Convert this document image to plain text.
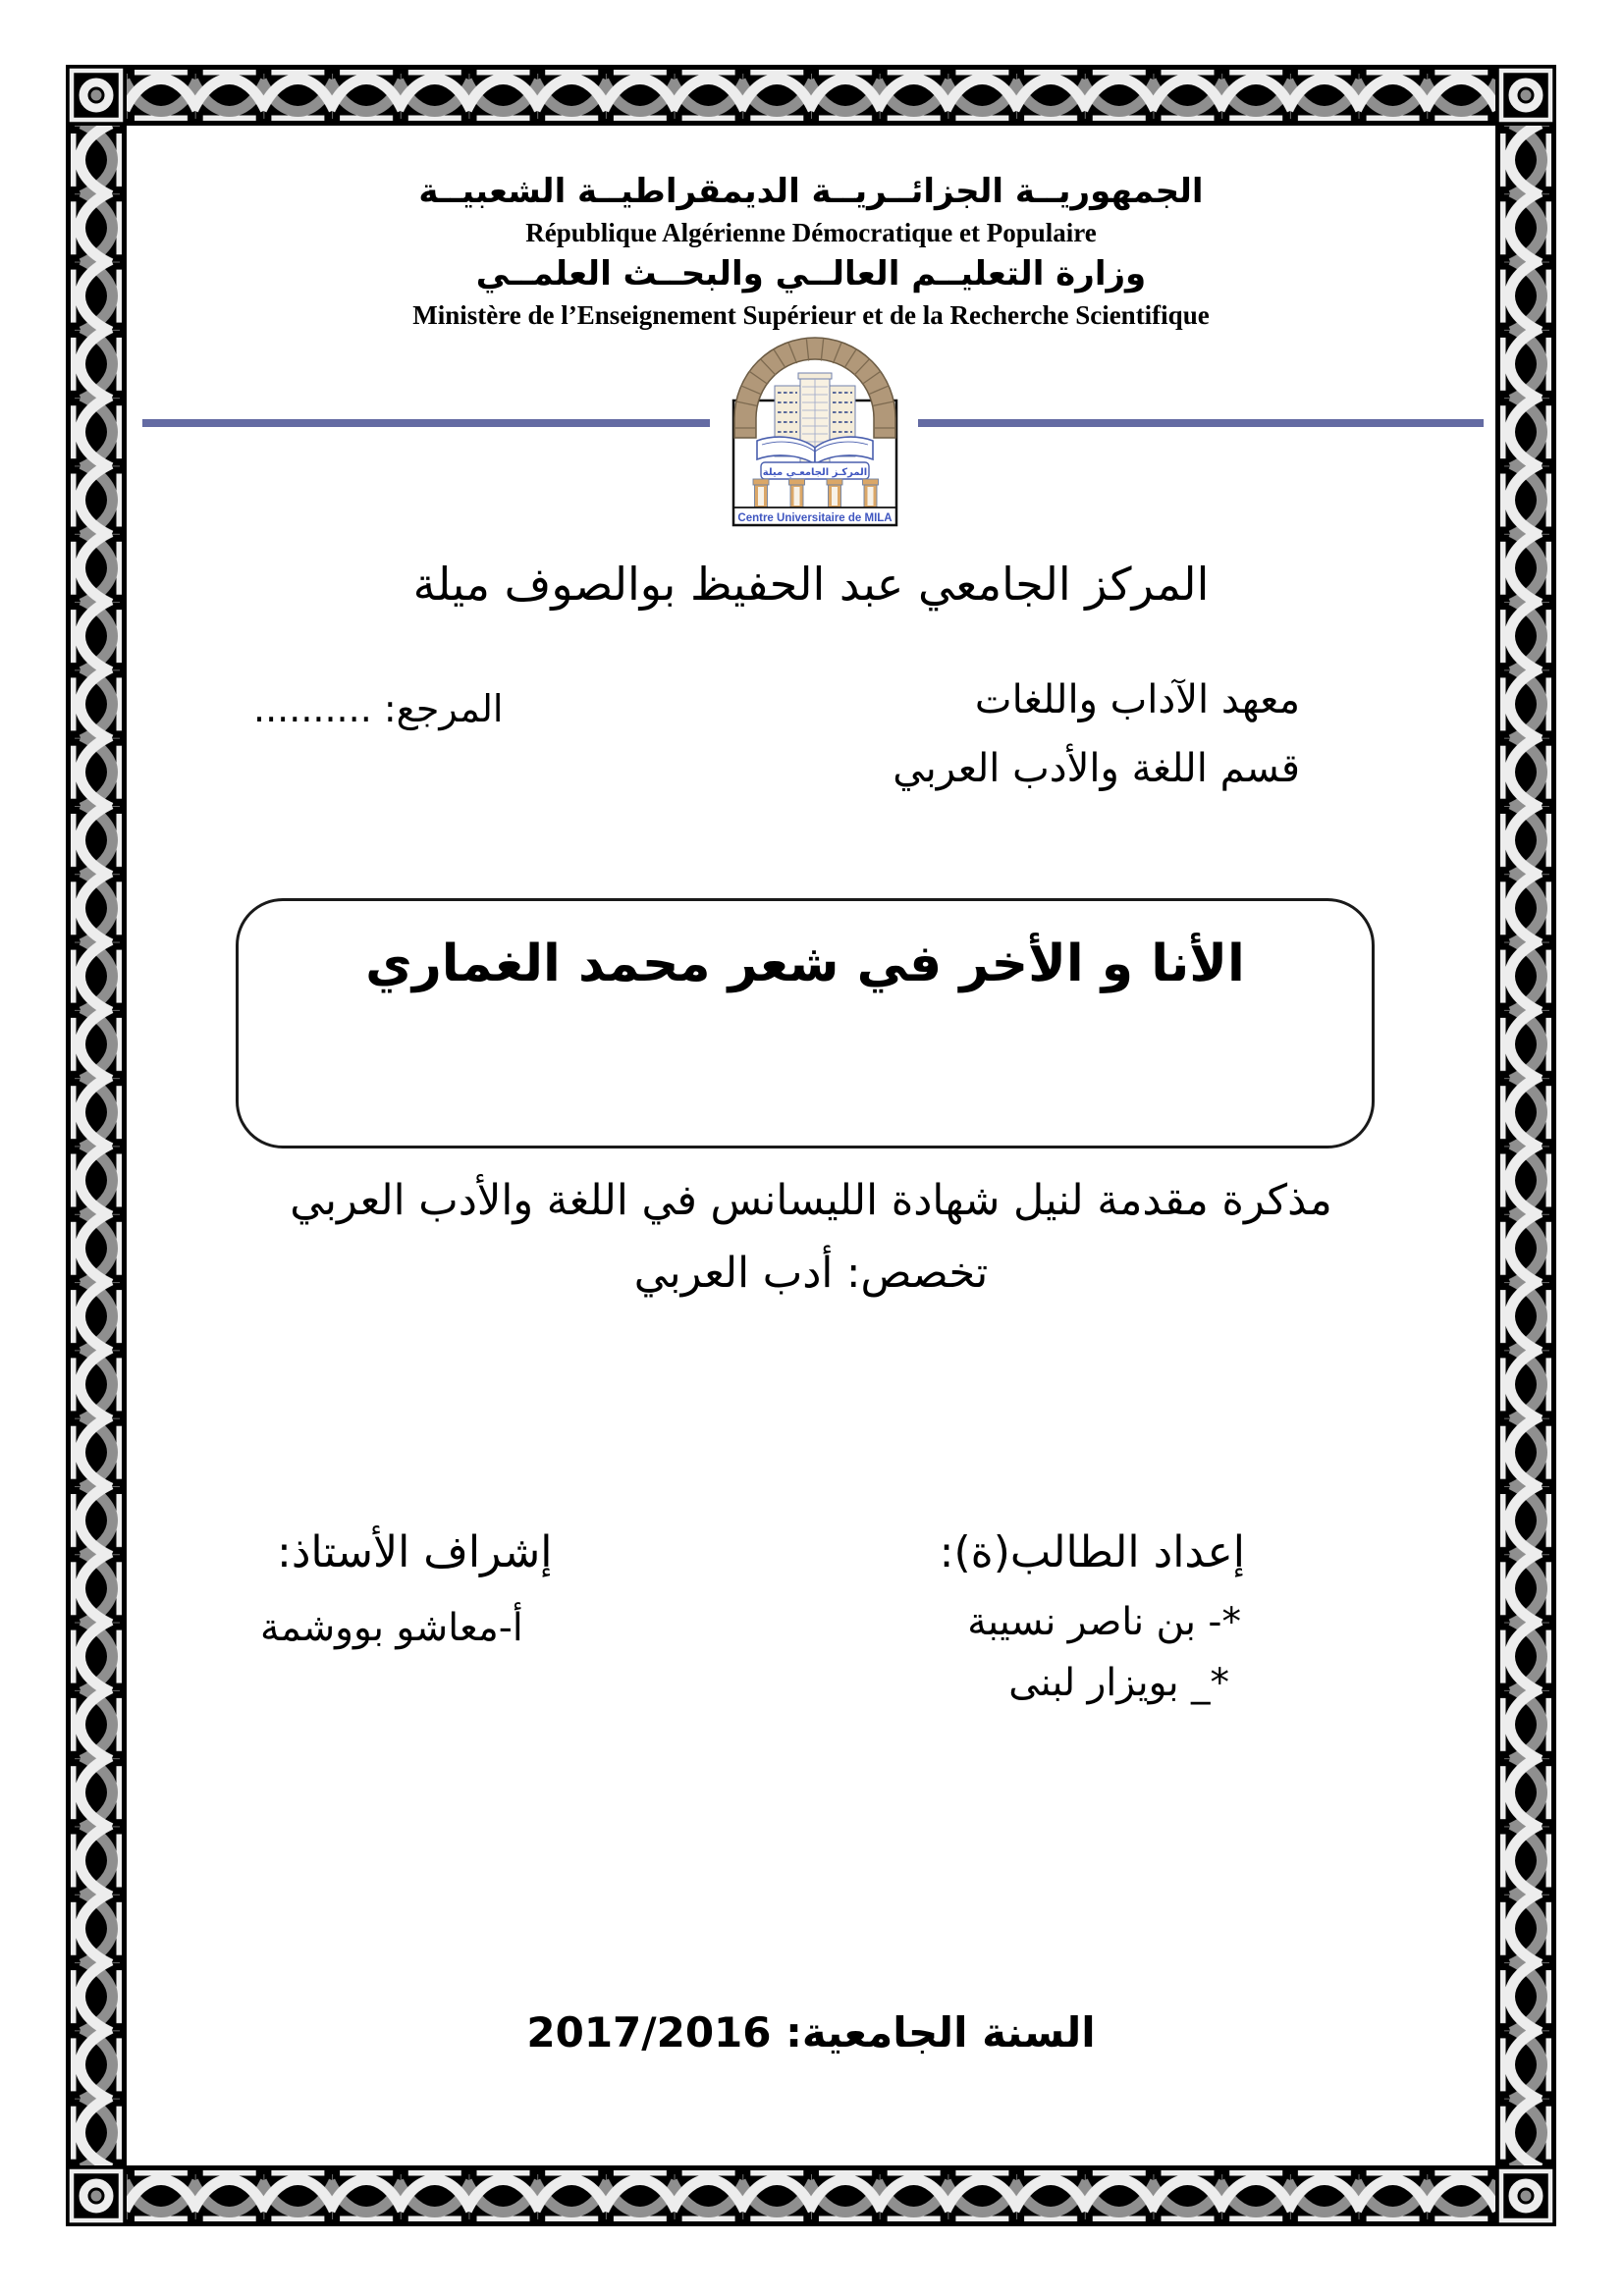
الجمهوريــة الجزائــريــة الديمقراطيــة الشعبيــة
République Algérienne Démocratique et Populaire
وزارة التعليــم العالــي والبحــث العلمــي
Ministère de l’Enseignement Supérieur et de la Recherche Scientifique
المركـز الجامعـي ميلة
Centre Universitaire de MILA
المركز الجامعي عبد الحفيظ بوالصوف ميلة
معهد الآداب واللغات
المرجع: ..........
قسم اللغة والأدب العربي
الأنا و الأخر في شعر محمد الغماري
مذكرة مقدمة لنيل شهادة الليسانس في اللغة والأدب العربي
تخصص: أدب العربي
إعداد الطالب(ة):
إشراف الأستاذ:
*- بن ناصر نسيبة
*_ بويزار لبنى
أ-معاشو بووشمة
السنة الجامعية: 2017/2016
